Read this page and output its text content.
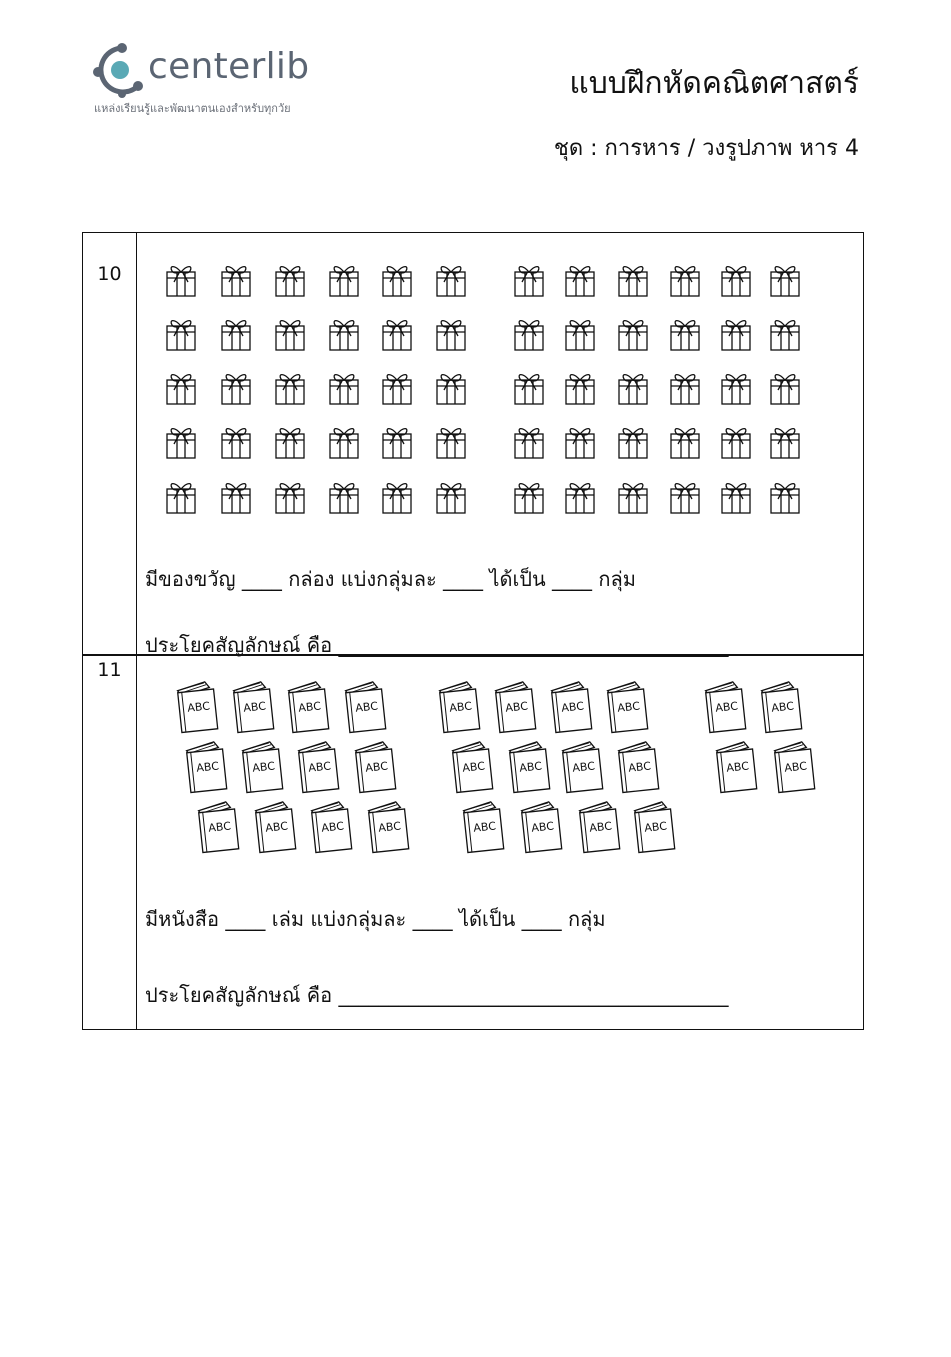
centerlib
แหล่งเรียนรู้และพัฒนาตนเองสำหรับทุกวัย
แบบฝึกหัดคณิตศาสตร์
ชุด : การหาร / วงรูปภาพ หาร 4
10
มีของขวัญ ____ กล่อง แบ่งกลุ่มละ ____ ได้เป็น ____ กลุ่ม
ประโยคสัญลักษณ์ คือ _______________________________________
11
ABC	ABC	ABC	ABC	ABC	ABC	ABC	ABC	ABC	ABC
ABC	ABC	ABC	ABC	ABC	ABC	ABC	ABC	ABC	ABC
ABC	ABC	ABC	ABC	ABC	ABC	ABC	ABC
มีหนังสือ ____ เล่ม แบ่งกลุ่มละ ____ ได้เป็น ____ กลุ่ม
ประโยคสัญลักษณ์ คือ _______________________________________
